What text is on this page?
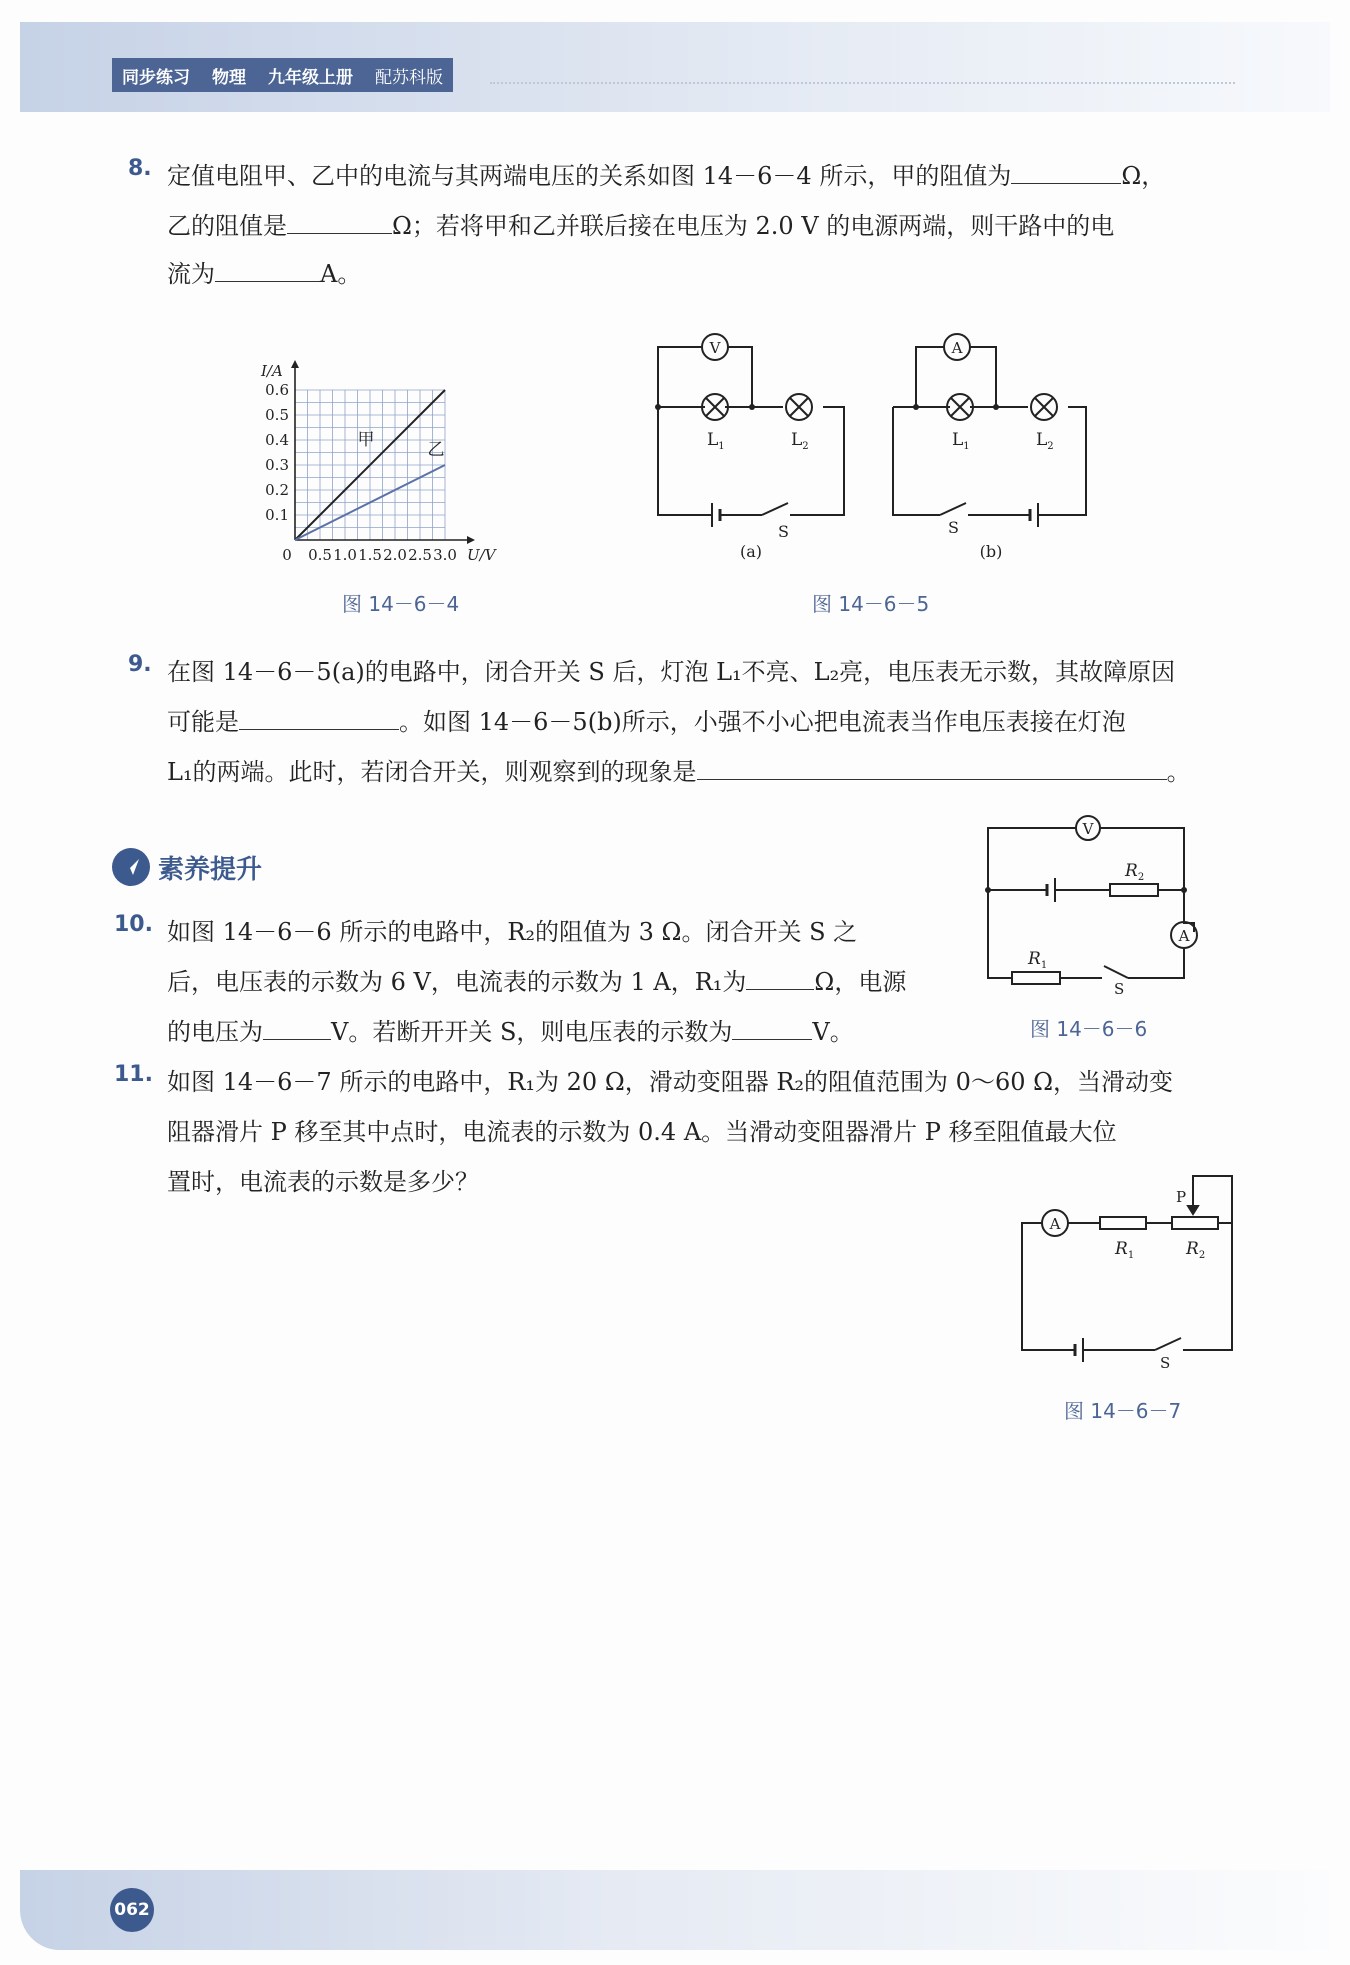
同步练习 物理 九年级上册 配苏科版
8. 定值电阻甲、乙中的电流与其两端电压的关系如图 14－6－4 所示，甲的阻值为	Ω，
乙的阻值是	Ω；若将甲和乙并联后接在电压为 2.0 V 的电源两端，则干路中的电
流为	A。
0.5 1.0 1.5 2.0 2.5 3.0
0.1
0.2
0.3
0.4
0.5
0.6
0
I/A
U/V
甲	乙
图 14－6－4
V
$L_1$	$L_2$
S
(a)
A
$L_1$	$L_2$
S
(b)
图 14－6－5
9. 在图 14－6－5(a)的电路中，闭合开关 S 后，灯泡 L₁不亮、L₂亮，电压表无示数，其故障原因
可能是	。如图 14－6－5(b)所示，小强不小心把电流表当作电压表接在灯泡
L₁的两端。此时，若闭合开关，则观察到的现象是	。
素养提升
10. 如图 14－6－6 所示的电路中，R₂的阻值为 3 Ω。闭合开关 S 之
后，电压表的示数为 6 V，电流表的示数为 1 A，R₁为	Ω，电源
的电压为	V。若断开开关 S，则电压表的示数为	V。
V
A
$R_2$
$R_1$
S
图 14－6－6
11. 如图 14－6－7 所示的电路中，R₁为 20 Ω，滑动变阻器 R₂的阻值范围为 0～60 Ω，当滑动变
阻器滑片 P 移至其中点时，电流表的示数为 0.4 A。当滑动变阻器滑片 P 移至阻值最大位
置时，电流表的示数是多少？
A
P
$R_1$	$R_2$
S
图 14－6－7
062
